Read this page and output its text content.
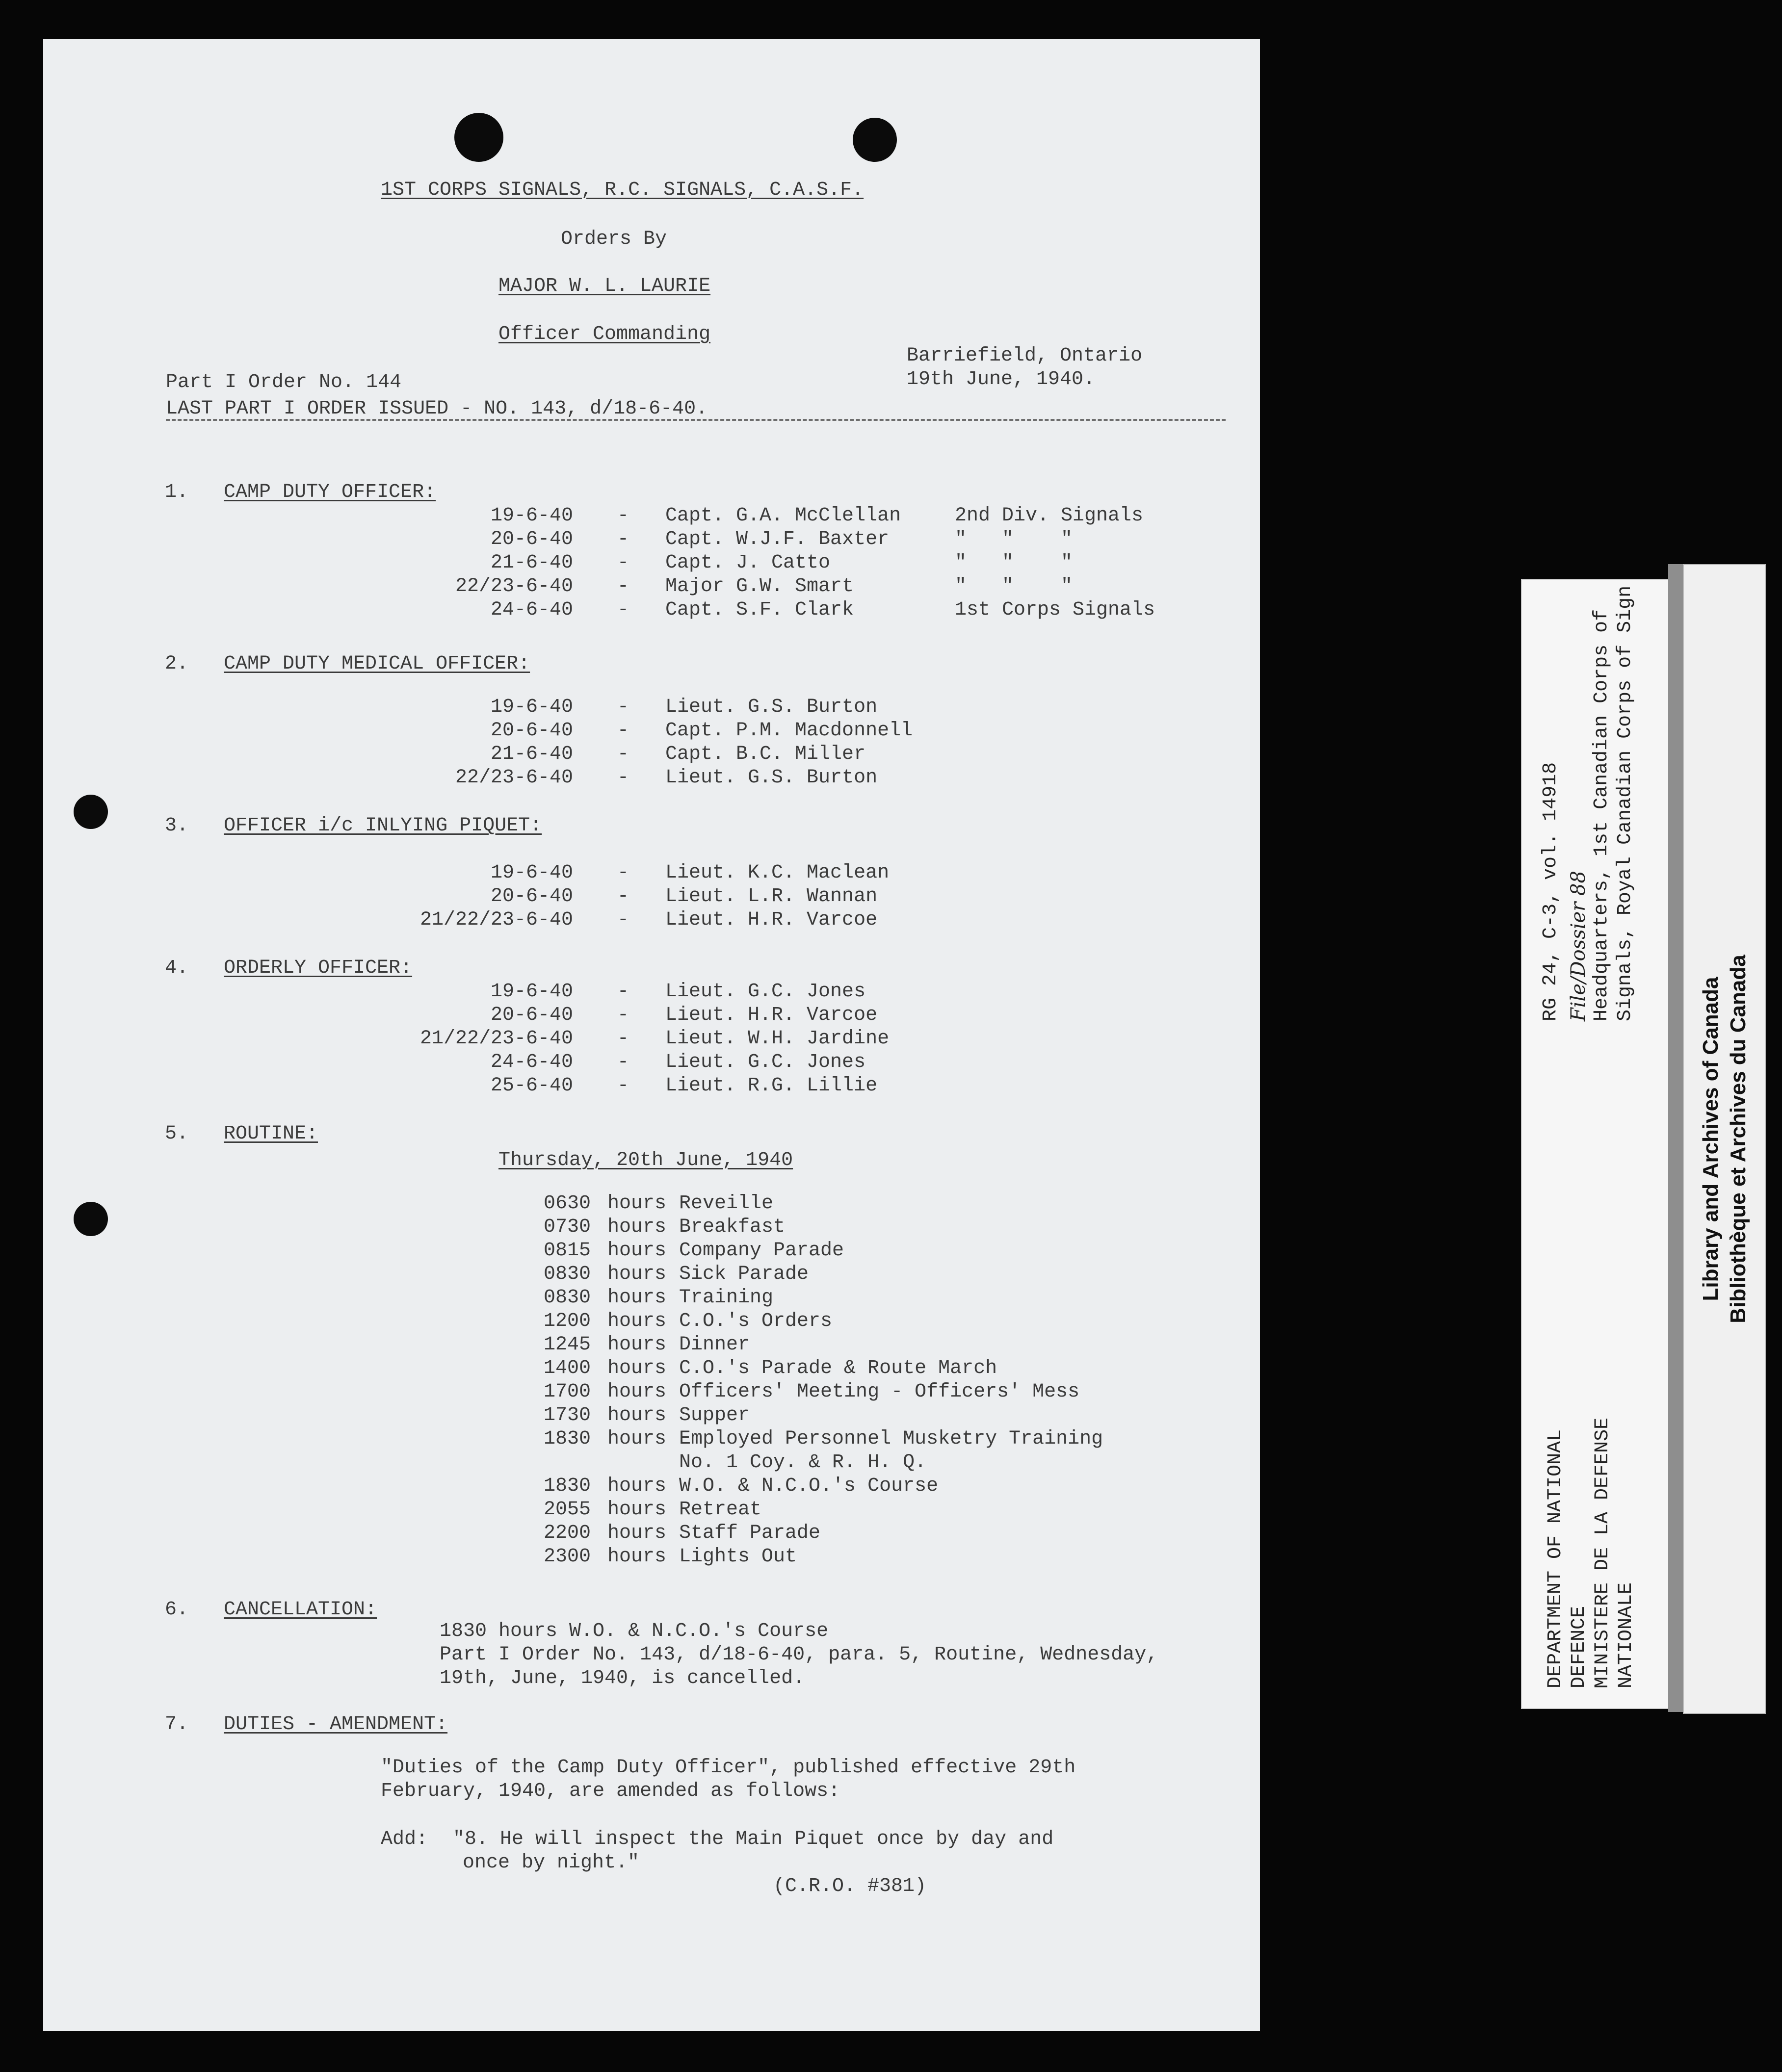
1ST CORPS SIGNALS, R.C. SIGNALS, C.A.S.F.
Orders By
MAJOR W. L. LAURIE
Officer Commanding
Barriefield, Ontario
19th June, 1940.
Part I Order No. 144
LAST PART I ORDER ISSUED - NO. 143, d/18-6-40.
1. CAMP DUTY OFFICER:
2. CAMP DUTY MEDICAL OFFICER:
3. OFFICER i/c INLYING PIQUET:
4. ORDERLY OFFICER:
5. ROUTINE:
Thursday, 20th June, 1940
6. CANCELLATION:
1830 hours W.O. & N.C.O.'s Course
Part I Order No. 143, d/18-6-40, para. 5, Routine, Wednesday,
19th, June, 1940, is cancelled.
7. DUTIES - AMENDMENT:
"Duties of the Camp Duty Officer", published effective 29th
February, 1940, are amended as follows:
Add: "8. He will inspect the Main Piquet once by day and
once by night."
(C.R.O. #381)
19-6-40 - Capt. G.A. McClellan	2nd Div. Signals
20-6-40 - Capt. W.J.F. Baxter	"   "    "
21-6-40 - Capt. J. Catto	"   "    "
22/23-6-40 - Major G.W. Smart	"   "    "
24-6-40 - Capt. S.F. Clark	1st Corps Signals
19-6-40 - Lieut. G.S. Burton
20-6-40 - Capt. P.M. Macdonnell
21-6-40 - Capt. B.C. Miller
22/23-6-40 - Lieut. G.S. Burton
19-6-40 - Lieut. K.C. Maclean
20-6-40 - Lieut. L.R. Wannan
21/22/23-6-40 - Lieut. H.R. Varcoe
19-6-40 - Lieut. G.C. Jones
20-6-40 - Lieut. H.R. Varcoe
21/22/23-6-40 - Lieut. W.H. Jardine
24-6-40 - Lieut. G.C. Jones
25-6-40 - Lieut. R.G. Lillie
0630 hours Reveille
0730 hours Breakfast
0815 hours Company Parade
0830 hours Sick Parade
0830 hours Training
1200 hours C.O.'s Orders
1245 hours Dinner
1400 hours C.O.'s Parade & Route March
1700 hours Officers' Meeting - Officers' Mess
1730 hours Supper
1830 hours Employed Personnel Musketry Training
No. 1 Coy. & R. H. Q.
1830 hours W.O. & N.C.O.'s Course
2055 hours Retreat
2200 hours Staff Parade
2300 hours Lights Out
RG 24, C-3, vol. 14918 File/Dossier 88 Headquarters, 1st Canadian Corps of Signals, Royal Canadian Corps of Sign
DEPARTMENT OF NATIONAL DEFENCE MINISTERE DE LA DEFENSE NATIONALE
Library and Archives of Canada Bibliothèque et Archives du Canada
